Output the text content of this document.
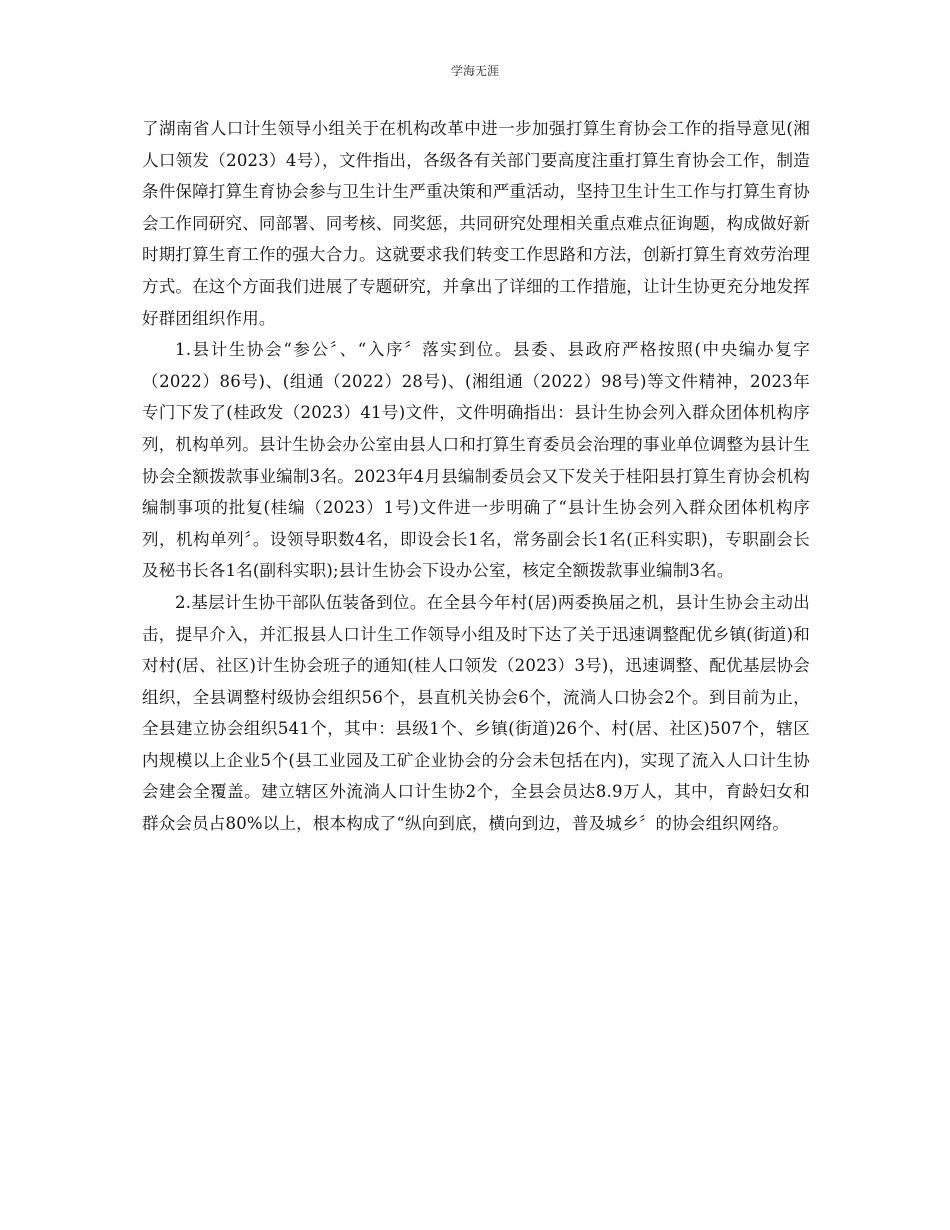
学海无涯

了湖南省人口计生领导小组关于在机构改革中进一步加强打算生育协会工作的指导意见(湘人口领发（2023）4号），文件指出，各级各有关部门要高度注重打算生育协会工作，制造条件保障打算生育协会参与卫生计生严重决策和严重活动，坚持卫生计生工作与打算生育协会工作同研究、同部署、同考核、同奖惩，共同研究处理相关重点难点征询题，构成做好新时期打算生育工作的强大合力。这就要求我们转变工作思路和方法，创新打算生育效劳治理方式。在这个方面我们进展了专题研究，并拿出了详细的工作措施，让计生协更充分地发挥好群团组织作用。

1.县计生协会“参公〞、“入序〞落实到位。县委、县政府严格按照(中央编办复字（2022）86号)、(组通（2022）28号)、(湘组通（2022）98号)等文件精神，2023年专门下发了(桂政发（2023）41号)文件，文件明确指出：县计生协会列入群众团体机构序列，机构单列。县计生协会办公室由县人口和打算生育委员会治理的事业单位调整为县计生协会全额拨款事业编制3名。2023年4月县编制委员会又下发关于桂阳县打算生育协会机构编制事项的批复(桂编（2023）1号)文件进一步明确了“县计生协会列入群众团体机构序列，机构单列〞。设领导职数4名，即设会长1名，常务副会长1名(正科实职)，专职副会长及秘书长各1名(副科实职);县计生协会下设办公室，核定全额拨款事业编制3名。

2.基层计生协干部队伍装备到位。在全县今年村(居)两委换届之机，县计生协会主动出击，提早介入，并汇报县人口计生工作领导小组及时下达了关于迅速调整配优乡镇(街道)和对村(居、社区)计生协会班子的通知(桂人口领发（2023）3号)，迅速调整、配优基层协会组织，全县调整村级协会组织56个，县直机关协会6个，流淌人口协会2个。到目前为止，全县建立协会组织541个，其中：县级1个、乡镇(街道)26个、村(居、社区)507个，辖区内规模以上企业5个(县工业园及工矿企业协会的分会未包括在内)，实现了流入人口计生协会建会全覆盖。建立辖区外流淌人口计生协2个，全县会员达8.9万人，其中，育龄妇女和群众会员占80%以上，根本构成了“纵向到底，横向到边，普及城乡〞的协会组织网络。
